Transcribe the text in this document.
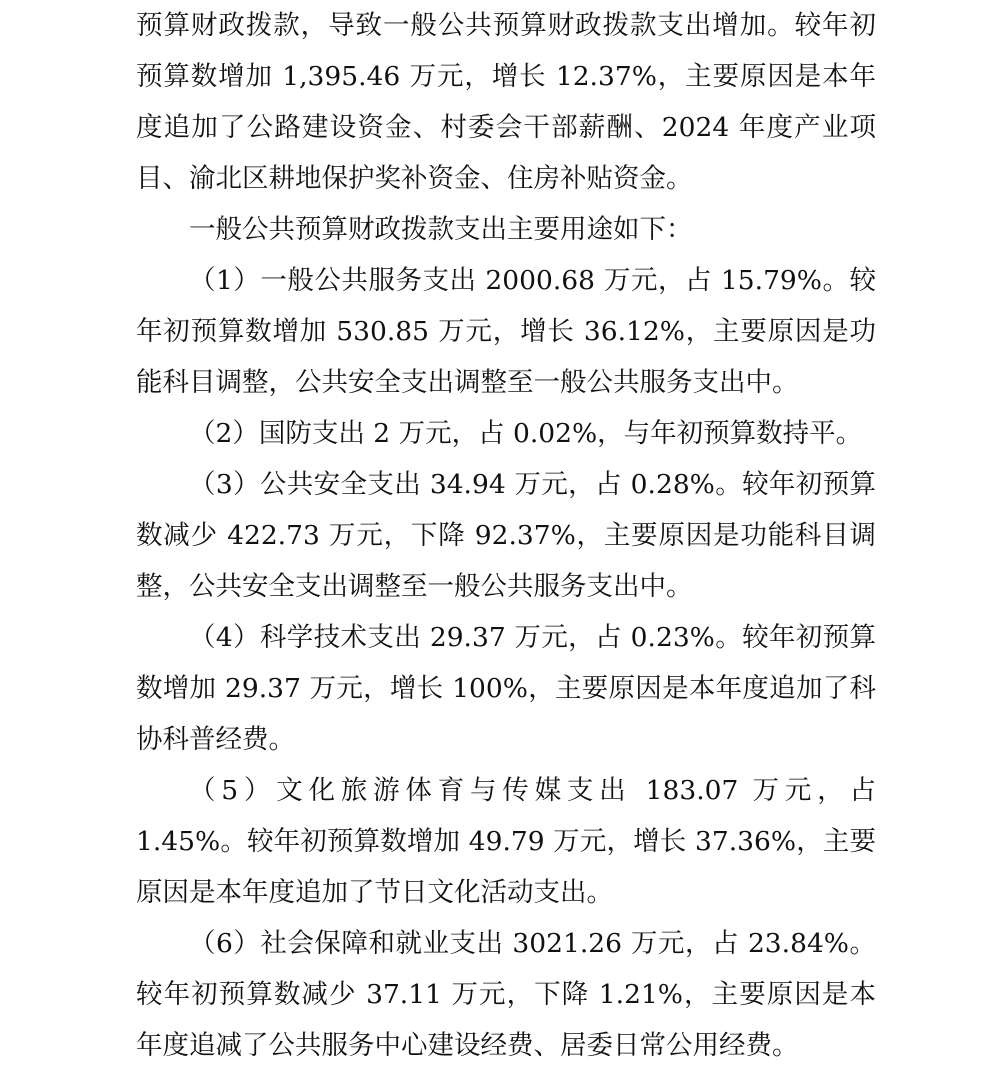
预算财政拨款，导致一般公共预算财政拨款支出增加。较年初预算数增加 1,395.46 万元，增长 12.37%，主要原因是本年度追加了公路建设资金、村委会干部薪酬、2024 年度产业项目、渝北区耕地保护奖补资金、住房补贴资金。

一般公共预算财政拨款支出主要用途如下：

（1）一般公共服务支出 2000.68 万元，占 15.79%。较年初预算数增加 530.85 万元，增长 36.12%，主要原因是功能科目调整，公共安全支出调整至一般公共服务支出中。

（2）国防支出 2 万元，占 0.02%，与年初预算数持平。

（3）公共安全支出 34.94 万元，占 0.28%。较年初预算数减少 422.73 万元，下降 92.37%，主要原因是功能科目调整，公共安全支出调整至一般公共服务支出中。

（4）科学技术支出 29.37 万元，占 0.23%。较年初预算数增加 29.37 万元，增长 100%，主要原因是本年度追加了科协科普经费。

（5）文化旅游体育与传媒支出 183.07 万元，占 1.45%。较年初预算数增加 49.79 万元，增长 37.36%，主要原因是本年度追加了节日文化活动支出。

（6）社会保障和就业支出 3021.26 万元，占 23.84%。较年初预算数减少 37.11 万元，下降 1.21%，主要原因是本年度追减了公共服务中心建设经费、居委日常公用经费。
